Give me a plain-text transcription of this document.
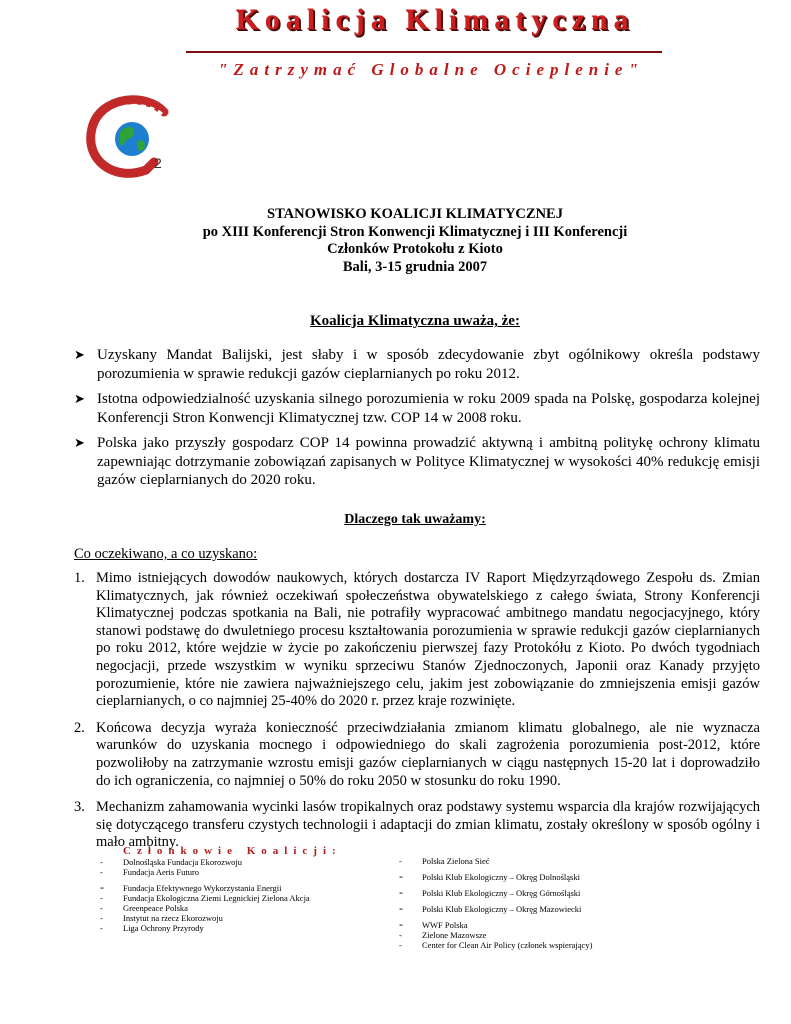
Koalicja Klimatyczna
"Zatrzymać Globalne Ocieplenie"
2
STANOWISKO KOALICJI KLIMATYCZNEJ
po XIII Konferencji Stron Konwencji Klimatycznej i III Konferencji
Członków Protokołu z Kioto
Bali, 3-15 grudnia 2007
Koalicja Klimatyczna uważa, że:
➤ Uzyskany Mandat Balijski, jest słaby i w sposób zdecydowanie zbyt ogólnikowy określa podstawy porozumienia w sprawie redukcji gazów cieplarnianych po roku 2012.
➤ Istotna odpowiedzialność uzyskania silnego porozumienia w roku 2009 spada na Polskę, gospodarza kolejnej Konferencji Stron Konwencji Klimatycznej tzw. COP 14 w 2008 roku.
➤ Polska jako przyszły gospodarz COP 14 powinna prowadzić aktywną i ambitną politykę ochrony klimatu zapewniając dotrzymanie zobowiązań zapisanych w Polityce Klimatycznej w wysokości 40% redukcję emisji gazów cieplarnianych do 2020 roku.
Dlaczego tak uważamy:
Co oczekiwano, a co uzyskano:
1. Mimo istniejących dowodów naukowych, których dostarcza IV Raport Międzyrządowego Zespołu ds. Zmian Klimatycznych, jak również oczekiwań społeczeństwa obywatelskiego z całego świata, Strony Konferencji Klimatycznej podczas spotkania na Bali, nie potrafiły wypracować ambitnego mandatu negocjacyjnego, który stanowi podstawę do dwuletniego procesu kształtowania porozumienia w sprawie redukcji gazów cieplarnianych po roku 2012, które wejdzie w życie po zakończeniu pierwszej fazy Protokółu z Kioto. Po dwóch tygodniach negocjacji, przede wszystkim w wyniku sprzeciwu Stanów Zjednoczonych, Japonii oraz Kanady przyjęto porozumienie, które nie zawiera najważniejszego celu, jakim jest zobowiązanie do zmniejszenia emisji gazów cieplarnianych, o co najmniej 25-40% do 2020 r. przez kraje rozwinięte.
2. Końcowa decyzja wyraża konieczność przeciwdziałania zmianom klimatu globalnego, ale nie wyznacza warunków do uzyskania mocnego i odpowiedniego do skali zagrożenia porozumienia post-2012, które pozwoliłoby na zatrzymanie wzrostu emisji gazów cieplarnianych w ciągu następnych 15-20 lat i doprowadziło do ich ograniczenia, co najmniej o 50% do roku 2050 w stosunku do roku 1990.
3. Mechanizm zahamowania wycinki lasów tropikalnych oraz podstawy systemu wsparcia dla krajów rozwijających się dotyczącego transferu czystych technologii i adaptacji do zmian klimatu, zostały określony w sposób ogólny i mało ambitny.
Członkowie Koalicji:
- Dolnośląska Fundacja Ekorozwoju
- Fundacja Aeris Futuro
- Fundacja Efektywnego Wykorzystania Energii
- Fundacja Ekologiczna Ziemi Legnickiej Zielona Akcja
- Greenpeace Polska
- Instytut na rzecz Ekorozwoju
- Liga Ochrony Przyrody
- Polska Zielona Sieć
- Polski Klub Ekologiczny – Okręg Dolnośląski
- Polski Klub Ekologiczny – Okręg Górnośląski
- Polski Klub Ekologiczny – Okręg Mazowiecki
- WWF Polska
- Zielone Mazowsze
- Center for Clean Air Policy (członek wspierający)
